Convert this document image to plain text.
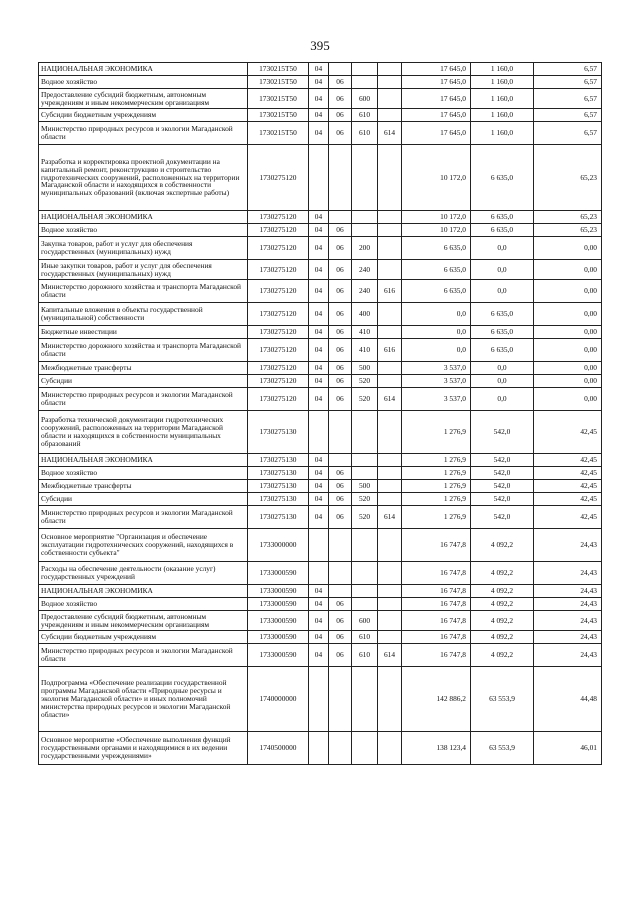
395
НАЦИОНАЛЬНАЯ ЭКОНОМИКА	1730215T50	04				17 645,0	1 160,0	6,57
Водное хозяйство	1730215T50	04	06			17 645,0	1 160,0	6,57
Предоставление субсидий бюджетным, автономным учреждениям и иным некоммерческим организациям	1730215T50	04	06	600		17 645,0	1 160,0	6,57
Субсидии бюджетным учреждениям	1730215T50	04	06	610		17 645,0	1 160,0	6,57
Министерство природных ресурсов и экологии Магаданской области	1730215T50	04	06	610	614	17 645,0	1 160,0	6,57
Разработка и корректировка проектной документации на капитальный ремонт, реконструкцию и строительство гидротехнических сооружений, расположенных на территории Магаданской области и находящихся в собственности муниципальных образований (включая экспертные работы)	1730275120					10 172,0	6 635,0	65,23
НАЦИОНАЛЬНАЯ ЭКОНОМИКА	1730275120	04				10 172,0	6 635,0	65,23
Водное хозяйство	1730275120	04	06			10 172,0	6 635,0	65,23
Закупка товаров, работ и услуг для обеспечения государственных (муниципальных) нужд	1730275120	04	06	200		6 635,0	0,0	0,00
Иные закупки товаров, работ и услуг для обеспечения государственных (муниципальных) нужд	1730275120	04	06	240		6 635,0	0,0	0,00
Министерство дорожного хозяйства и транспорта Магаданской области	1730275120	04	06	240	616	6 635,0	0,0	0,00
Капитальные вложения в объекты государственной (муниципальной) собственности	1730275120	04	06	400		0,0	6 635,0	0,00
Бюджетные инвестиции	1730275120	04	06	410		0,0	6 635,0	0,00
Министерство дорожного хозяйства и транспорта Магаданской области	1730275120	04	06	410	616	0,0	6 635,0	0,00
Межбюджетные трансферты	1730275120	04	06	500		3 537,0	0,0	0,00
Субсидии	1730275120	04	06	520		3 537,0	0,0	0,00
Министерство природных ресурсов и экологии Магаданской области	1730275120	04	06	520	614	3 537,0	0,0	0,00
Разработка технической документации гидротехнических сооружений, расположенных на территории Магаданской области и находящихся в собственности муниципальных образований	1730275130					1 276,9	542,0	42,45
НАЦИОНАЛЬНАЯ ЭКОНОМИКА	1730275130	04				1 276,9	542,0	42,45
Водное хозяйство	1730275130	04	06			1 276,9	542,0	42,45
Межбюджетные трансферты	1730275130	04	06	500		1 276,9	542,0	42,45
Субсидии	1730275130	04	06	520		1 276,9	542,0	42,45
Министерство природных ресурсов и экологии Магаданской области	1730275130	04	06	520	614	1 276,9	542,0	42,45
Основное мероприятие "Организация и обеспечение эксплуатации гидротехнических сооружений, находящихся в собственности субъекта"	1733000000					16 747,8	4 092,2	24,43
Расходы на обеспечение деятельности (оказание услуг) государственных учреждений	1733000590					16 747,8	4 092,2	24,43
НАЦИОНАЛЬНАЯ ЭКОНОМИКА	1733000590	04				16 747,8	4 092,2	24,43
Водное хозяйство	1733000590	04	06			16 747,8	4 092,2	24,43
Предоставление субсидий бюджетным, автономным учреждениям и иным некоммерческим организациям	1733000590	04	06	600		16 747,8	4 092,2	24,43
Субсидии бюджетным учреждениям	1733000590	04	06	610		16 747,8	4 092,2	24,43
Министерство природных ресурсов и экологии Магаданской области	1733000590	04	06	610	614	16 747,8	4 092,2	24,43
Подпрограмма «Обеспечение реализации государственной программы Магаданской области «Природные ресурсы и экология Магаданской области» и иных полномочий министерства природных ресурсов и экологии Магаданской области»	1740000000					142 886,2	63 553,9	44,48
Основное мероприятие «Обеспечение выполнения функций государственными органами и находящимися в их ведении государственными учреждениями»	1740500000					138 123,4	63 553,9	46,01
